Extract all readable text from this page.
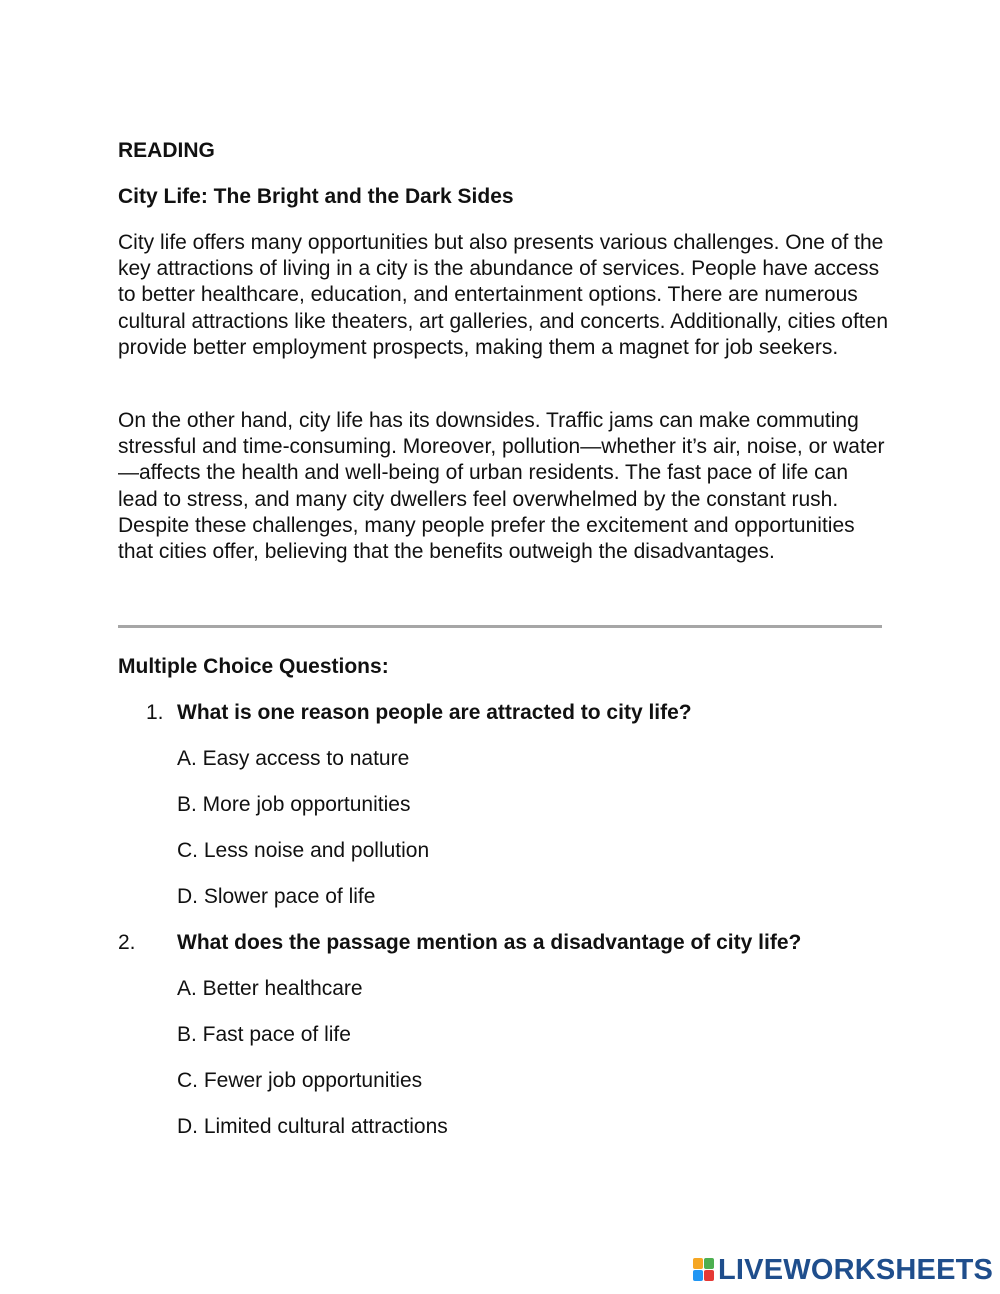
READING

City Life: The Bright and the Dark Sides

City life offers many opportunities but also presents various challenges. One of the key attractions of living in a city is the abundance of services. People have access to better healthcare, education, and entertainment options. There are numerous cultural attractions like theaters, art galleries, and concerts. Additionally, cities often provide better employment prospects, making them a magnet for job seekers.

On the other hand, city life has its downsides. Traffic jams can make commuting stressful and time-consuming. Moreover, pollution—whether it’s air, noise, or water—affects the health and well-being of urban residents. The fast pace of life can lead to stress, and many city dwellers feel overwhelmed by the constant rush. Despite these challenges, many people prefer the excitement and opportunities that cities offer, believing that the benefits outweigh the disadvantages.

Multiple Choice Questions:

1. What is one reason people are attracted to city life?

A. Easy access to nature

B. More job opportunities

C. Less noise and pollution

D. Slower pace of life

2. What does the passage mention as a disadvantage of city life?

A. Better healthcare

B. Fast pace of life

C. Fewer job opportunities

D. Limited cultural attractions

LIVEWORKSHEETS
